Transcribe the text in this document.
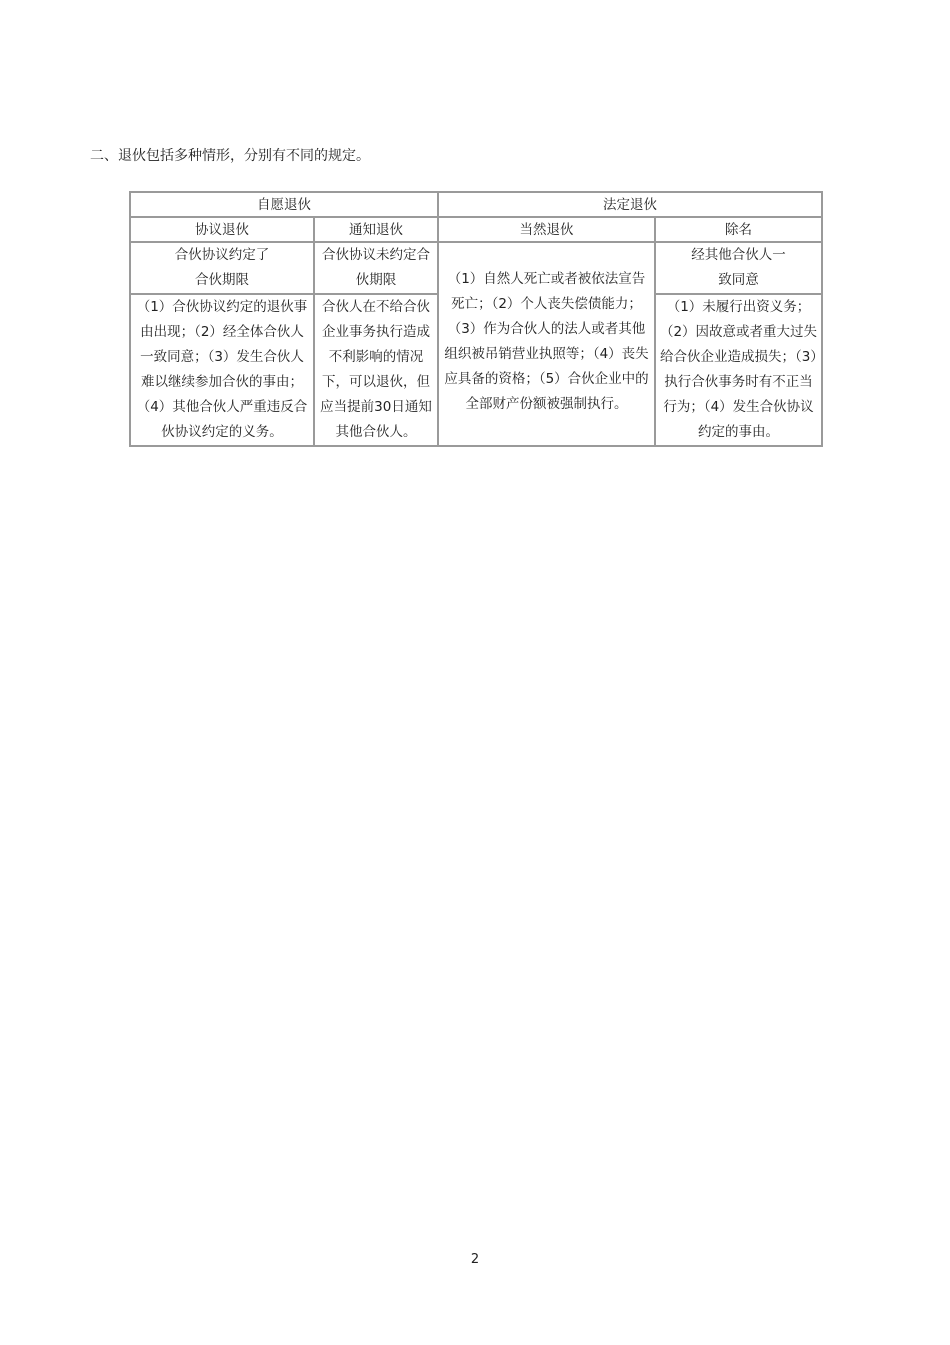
二、退伙包括多种情形，分别有不同的规定。
自愿退伙		法定退伙	
协议退伙	通知退伙	当然退伙	除名

合伙协议约定了合伙期限	合伙协议未约定合伙期限	（1）自然人死亡或者被依法宣告死亡；（2）个人丧失偿债能力；（3）作为合伙人的法人或者其他组织被吊销营业执照等；（4）丧失应具备的资格；（5）合伙企业中的全部财产份额被强制执行。	经其他合伙人一致同意

（1）合伙协议约定的退伙事由出现；（2）经全体合伙人一致同意；（3）发生合伙人难以继续参加合伙的事由；（4）其他合伙人严重违反合伙协议约定的义务。	合伙人在不给合伙企业事务执行造成不利影响的情况下，可以退伙，但应当提前30日通知其他合伙人。		（1）未履行出资义务；（2）因故意或者重大过失给合伙企业造成损失；（3）执行合伙事务时有不正当行为；（4）发生合伙协议约定的事由。
2
